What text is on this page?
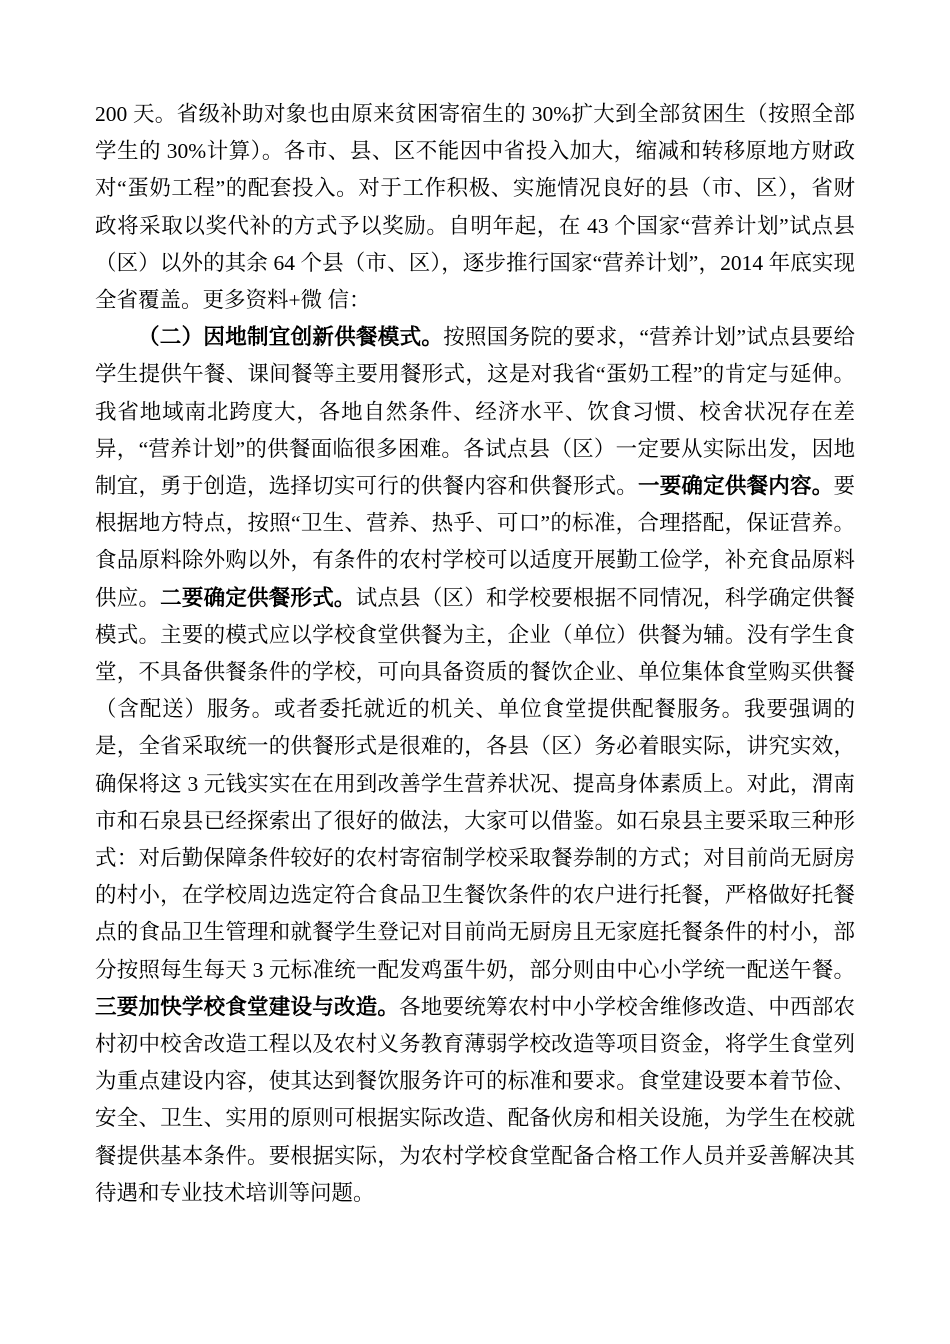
200 天。省级补助对象也由原来贫困寄宿生的 30%扩大到全部贫困生（按照全部学生的 30%计算）。各市、县、区不能因中省投入加大，缩减和转移原地方财政对“蛋奶工程”的配套投入。对于工作积极、实施情况良好的县（市、区），省财政将采取以奖代补的方式予以奖励。自明年起，在 43 个国家“营养计划”试点县（区）以外的其余 64 个县（市、区），逐步推行国家“营养计划”，2014 年底实现全省覆盖。更多资料+微 信：

（二）因地制宜创新供餐模式。按照国务院的要求，“营养计划”试点县要给学生提供午餐、课间餐等主要用餐形式，这是对我省“蛋奶工程”的肯定与延伸。我省地域南北跨度大，各地自然条件、经济水平、饮食习惯、校舍状况存在差异，“营养计划”的供餐面临很多困难。各试点县（区）一定要从实际出发，因地制宜，勇于创造，选择切实可行的供餐内容和供餐形式。一要确定供餐内容。要根据地方特点，按照“卫生、营养、热乎、可口”的标准，合理搭配，保证营养。食品原料除外购以外，有条件的农村学校可以适度开展勤工俭学，补充食品原料供应。二要确定供餐形式。试点县（区）和学校要根据不同情况，科学确定供餐模式。主要的模式应以学校食堂供餐为主，企业（单位）供餐为辅。没有学生食堂，不具备供餐条件的学校，可向具备资质的餐饮企业、单位集体食堂购买供餐（含配送）服务。或者委托就近的机关、单位食堂提供配餐服务。我要强调的是，全省采取统一的供餐形式是很难的，各县（区）务必着眼实际，讲究实效，确保将这 3 元钱实实在在用到改善学生营养状况、提高身体素质上。对此，渭南市和石泉县已经探索出了很好的做法，大家可以借鉴。如石泉县主要采取三种形式：对后勤保障条件较好的农村寄宿制学校采取餐券制的方式；对目前尚无厨房的村小，在学校周边选定符合食品卫生餐饮条件的农户进行托餐，严格做好托餐点的食品卫生管理和就餐学生登记对目前尚无厨房且无家庭托餐条件的村小，部分按照每生每天 3 元标准统一配发鸡蛋牛奶，部分则由中心小学统一配送午餐。三要加快学校食堂建设与改造。各地要统筹农村中小学校舍维修改造、中西部农村初中校舍改造工程以及农村义务教育薄弱学校改造等项目资金，将学生食堂列为重点建设内容，使其达到餐饮服务许可的标准和要求。食堂建设要本着节俭、安全、卫生、实用的原则可根据实际改造、配备伙房和相关设施，为学生在校就餐提供基本条件。要根据实际，为农村学校食堂配备合格工作人员并妥善解决其待遇和专业技术培训等问题。
